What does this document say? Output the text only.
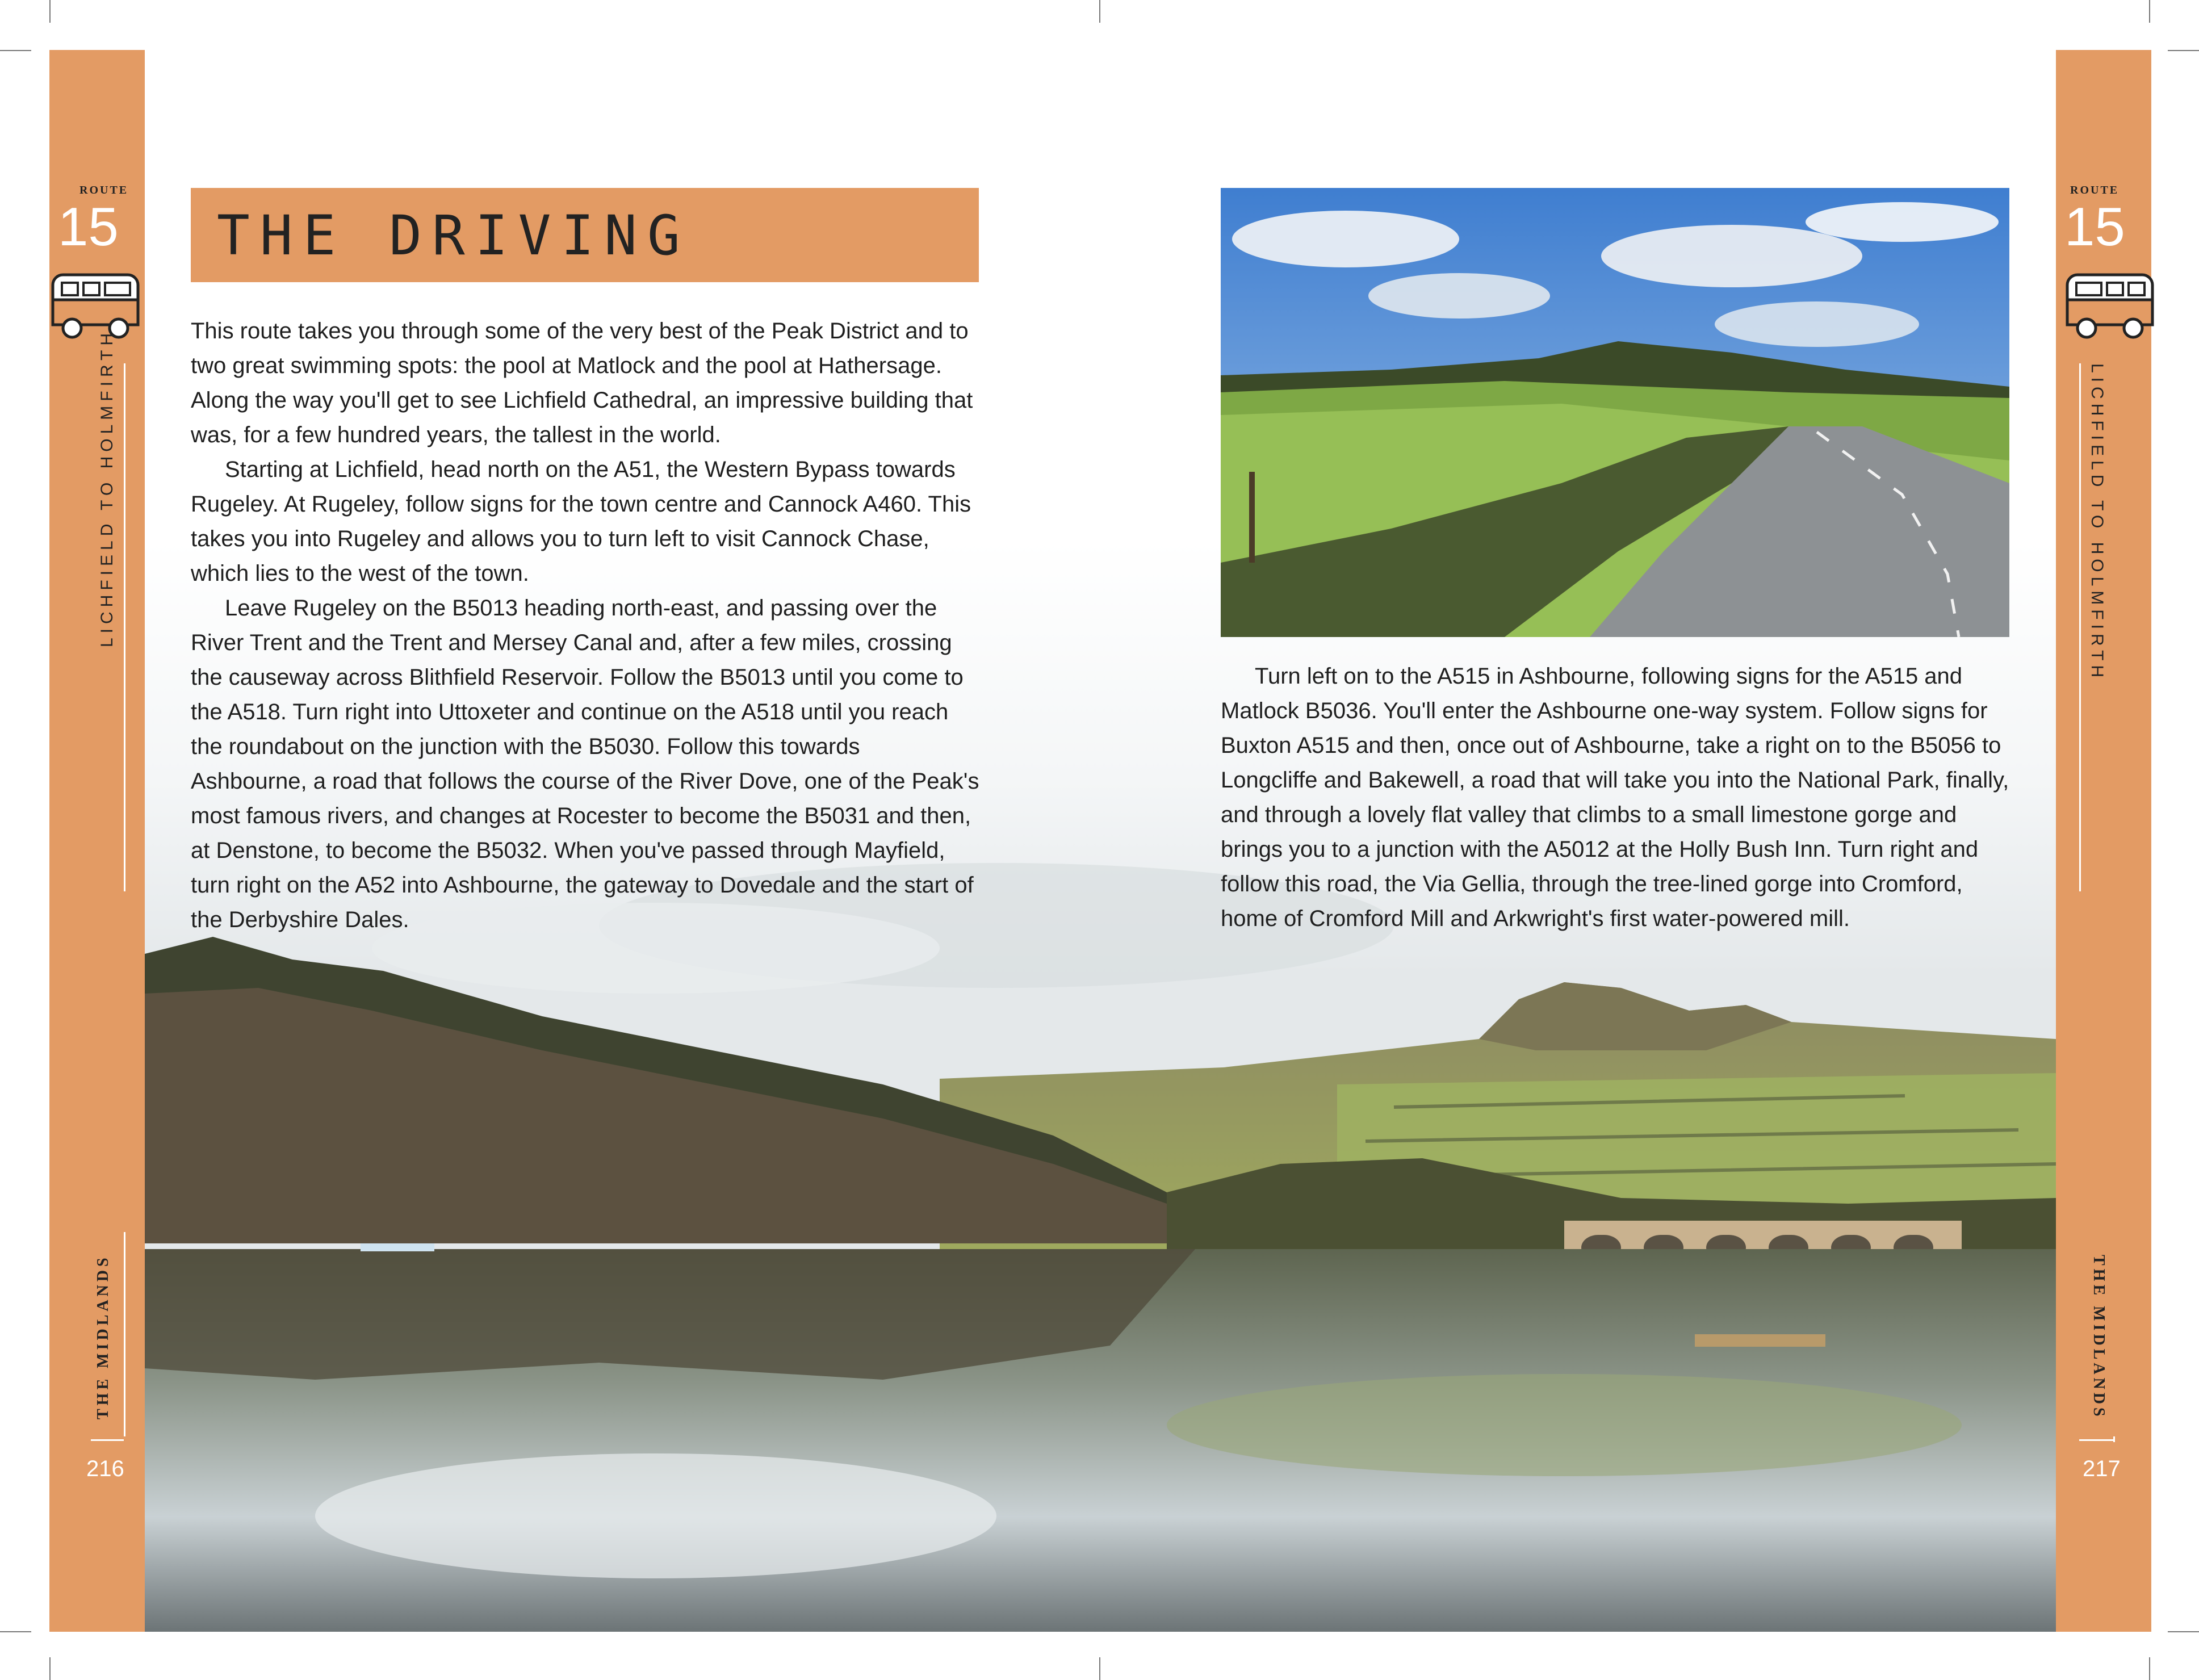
ROUTE
15
LICHFIELD TO HOLMFIRTH
THE MIDLANDS
216
ROUTE
15
LICHFIELD TO HOLMFIRTH
THE MIDLANDS
217
THE DRIVING

This route takes you through some of the very best of the Peak District and to two great swimming spots: the pool at Matlock and the pool at Hathersage. Along the way you'll get to see Lichfield Cathedral, an impressive building that was, for a few hundred years, the tallest in the world.

Starting at Lichfield, head north on the A51, the Western Bypass towards Rugeley. At Rugeley, follow signs for the town centre and Cannock A460. This takes you into Rugeley and allows you to turn left to visit Cannock Chase, which lies to the west of the town.

Leave Rugeley on the B5013 heading north-east, and passing over the River Trent and the Trent and Mersey Canal and, after a few miles, crossing the causeway across Blithfield Reservoir. Follow the B5013 until you come to the A518. Turn right into Uttoxeter and continue on the A518 until you reach the roundabout on the junction with the B5030. Follow this towards Ashbourne, a road that follows the course of the River Dove, one of the Peak's most famous rivers, and changes at Rocester to become the B5031 and then, at Denstone, to become the B5032. When you've passed through Mayfield, turn right on the A52 into Ashbourne, the gateway to Dovedale and the start of the Derbyshire Dales.

Turn left on to the A515 in Ashbourne, following signs for the A515 and Matlock B5036. You'll enter the Ashbourne one-way system. Follow signs for Buxton A515 and then, once out of Ashbourne, take a right on to the B5056 to Longcliffe and Bakewell, a road that will take you into the National Park, finally, and through a lovely flat valley that climbs to a small limestone gorge and brings you to a junction with the A5012 at the Holly Bush Inn. Turn right and follow this road, the Via Gellia, through the tree-lined gorge into Cromford, home of Cromford Mill and Arkwright's first water-powered mill.
